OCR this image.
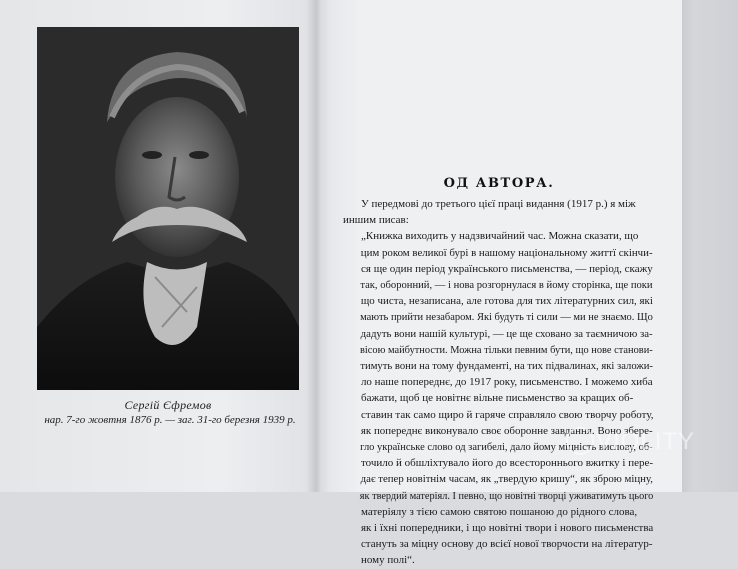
Сергій Єфремов
нар. 7-го жовтня 1876 р. — заг. 31-го березня 1939 р.
ОД АВТОРА.
У передмові до третього цієї праці видання (1917 р.) я між
иншим писав:
„Книжка виходить у надзвичайний час. Можна сказати, що
цим роком великої бурі в нашому національному життї скінчи-
ся ще один період українського письменства, — період, скажу
так, оборонний, — і нова розгорнулася в йому сторінка, ще поки
що чиста, незаписана, але готова для тих літературних сил, які
мають прийти незабаром. Які будуть ті сили — ми не знаємо. Що
дадуть вони нашій культурі, — це ще сховано за таємничою за-
вісою майбутности. Можна тільки певним бути, що нове станови-
тимуть вони на тому фундаменті, на тих підвалинах, які заложи-
ло наше попереднє, до 1917 року, письменство. І можемо хиба
бажати, щоб це новітнє вільне письменство за кращих об-
ставин так само щиро й гаряче справляло свою творчу роботу,
як попереднє виконувало своє оборонне завдання. Воно збере-
гло українське слово од загибелі, дало йому міцність вислову, об-
точило й обшліхтувало його до всестороннього вжитку і пере-
дає тепер новітнім часам, як „твердую кришу“, як зброю міцну,
як твердий матеріял. І певно, що новітні творці уживатимуть цього
матеріялу з тією самою святою пошаною до рідного слова,
як і їхні попередники, і що новітні твори і нового письменства
стануть за міцну основу до всієї нової творчости на літератур-
ному полі“.
VIOLITY
